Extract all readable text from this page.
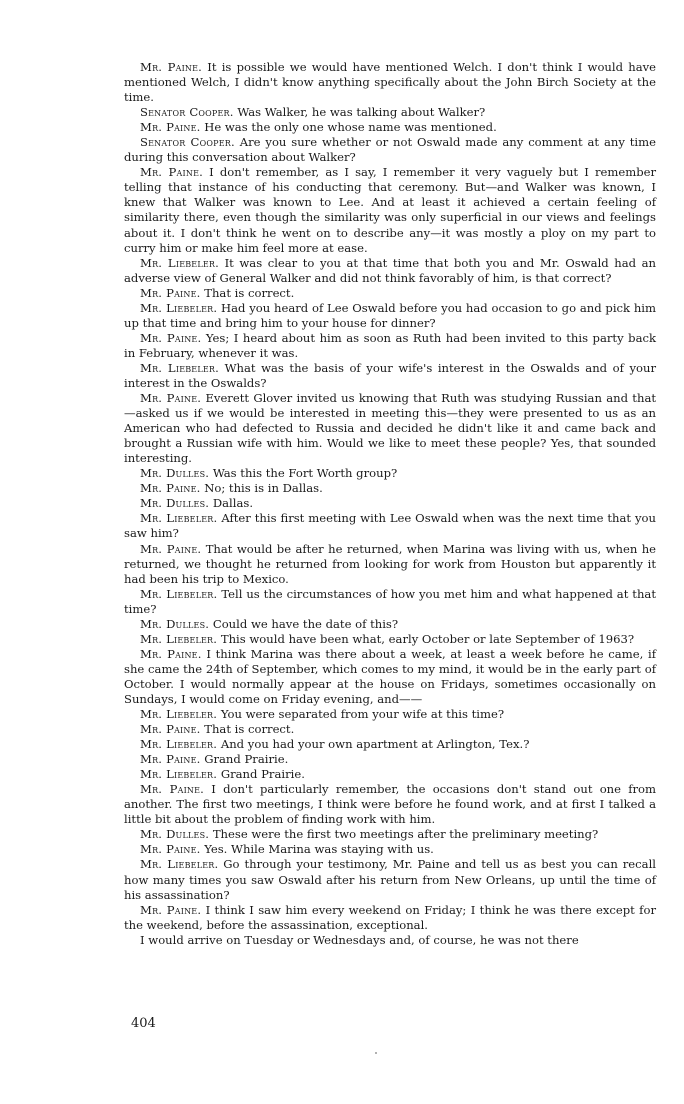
Mr. Paine. It is possible we would have mentioned Welch. I don't think I would have mentioned Welch, I didn't know anything specifically about the John Birch Society at the time.

Senator Cooper. Was Walker, he was talking about Walker?

Mr. Paine. He was the only one whose name was mentioned.

Senator Cooper. Are you sure whether or not Oswald made any comment at any time during this conversation about Walker?

Mr. Paine. I don't remember, as I say, I remember it very vaguely but I remember telling that instance of his conducting that ceremony. But—and Walker was known, I knew that Walker was known to Lee. And at least it achieved a certain feeling of similarity there, even though the similarity was only superficial in our views and feelings about it. I don't think he went on to describe any—it was mostly a ploy on my part to curry him or make him feel more at ease.

Mr. Liebeler. It was clear to you at that time that both you and Mr. Oswald had an adverse view of General Walker and did not think favorably of him, is that correct?

Mr. Paine. That is correct.

Mr. Liebeler. Had you heard of Lee Oswald before you had occasion to go and pick him up that time and bring him to your house for dinner?

Mr. Paine. Yes; I heard about him as soon as Ruth had been invited to this party back in February, whenever it was.

Mr. Liebeler. What was the basis of your wife's interest in the Oswalds and of your interest in the Oswalds?

Mr. Paine. Everett Glover invited us knowing that Ruth was studying Russian and that—asked us if we would be interested in meeting this—they were presented to us as an American who had defected to Russia and decided he didn't like it and came back and brought a Russian wife with him. Would we like to meet these people? Yes, that sounded interesting.

Mr. Dulles. Was this the Fort Worth group?

Mr. Paine. No; this is in Dallas.

Mr. Dulles. Dallas.

Mr. Liebeler. After this first meeting with Lee Oswald when was the next time that you saw him?

Mr. Paine. That would be after he returned, when Marina was living with us, when he returned, we thought he returned from looking for work from Houston but apparently it had been his trip to Mexico.

Mr. Liebeler. Tell us the circumstances of how you met him and what happened at that time?

Mr. Dulles. Could we have the date of this?

Mr. Liebeler. This would have been what, early October or late September of 1963?

Mr. Paine. I think Marina was there about a week, at least a week before he came, if she came the 24th of September, which comes to my mind, it would be in the early part of October. I would normally appear at the house on Fridays, sometimes occasionally on Sundays, I would come on Friday evening, and——

Mr. Liebeler. You were separated from your wife at this time?

Mr. Paine. That is correct.

Mr. Liebeler. And you had your own apartment at Arlington, Tex.?

Mr. Paine. Grand Prairie.

Mr. Liebeler. Grand Prairie.

Mr. Paine. I don't particularly remember, the occasions don't stand out one from another. The first two meetings, I think were before he found work, and at first I talked a little bit about the problem of finding work with him.

Mr. Dulles. These were the first two meetings after the preliminary meeting?

Mr. Paine. Yes. While Marina was staying with us.

Mr. Liebeler. Go through your testimony, Mr. Paine and tell us as best you can recall how many times you saw Oswald after his return from New Orleans, up until the time of his assassination?

Mr. Paine. I think I saw him every weekend on Friday; I think he was there except for the weekend, before the assassination, exceptional.

I would arrive on Tuesday or Wednesdays and, of course, he was not there

404
